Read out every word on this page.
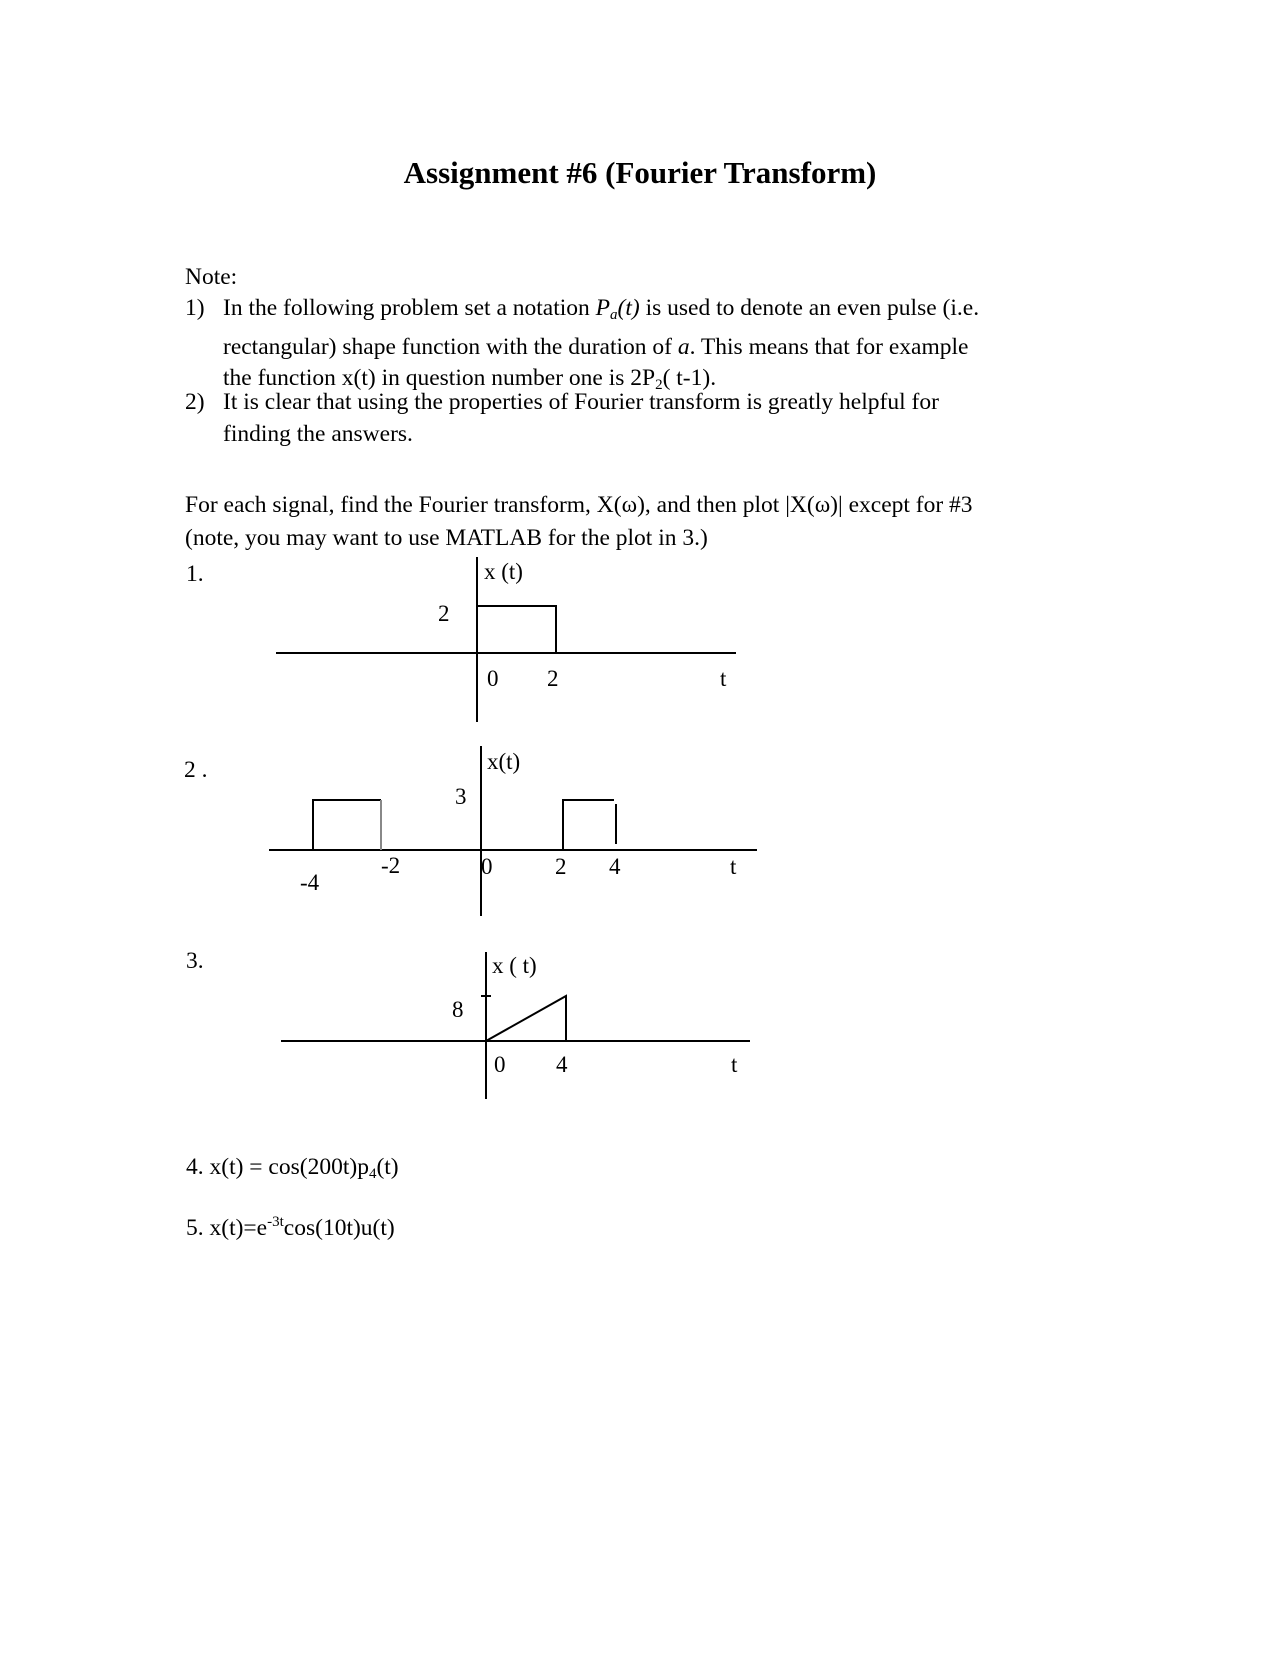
Assignment #6 (Fourier Transform)
Note:
1) In the following problem set a notation $P_a(t)$ is used to denote an even pulse (i.e.
rectangular) shape function with the duration of a. This means that for example
the function x(t) in question number one is $2P_2$( t-1).
2) It is clear that using the properties of Fourier transform is greatly helpful for
finding the answers.
For each signal, find the Fourier transform, X(ω), and then plot |X(ω)| except for #3
(note, you may want to use MATLAB for the plot in 3.)
1.
2 .
3.
x (t)
2
0 2	t
x(t)
3
-4
-2	0	2 4	t
x ( t)
8
0 4	t
4. $x(t) = \cos(200t)p_4(t)$
5. $x(t)=e^{-3t}\cos(10t)u(t)$
